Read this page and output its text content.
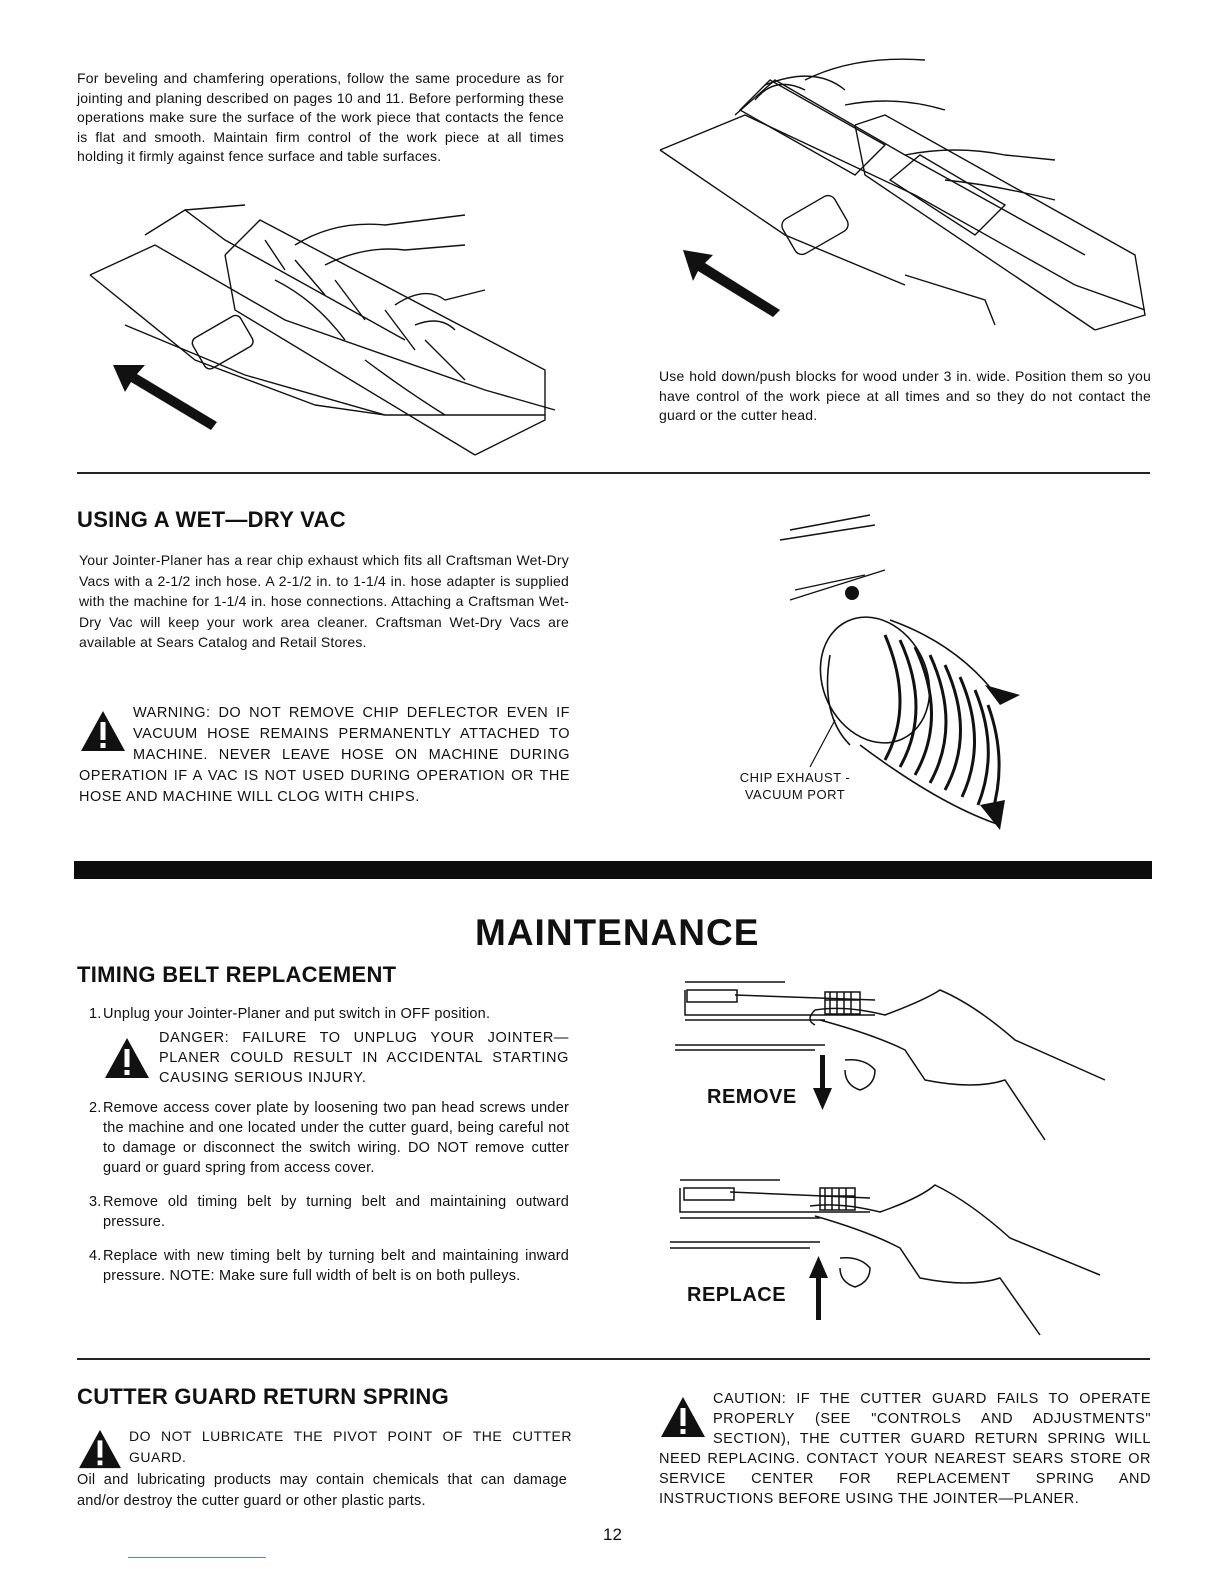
For beveling and chamfering operations, follow the same procedure as for jointing and planing described on pages 10 and 11. Before performing these operations make sure the surface of the work piece that contacts the fence is flat and smooth. Maintain firm control of the work piece at all times holding it firmly against fence surface and table surfaces.
Use hold down/push blocks for wood under 3 in. wide. Position them so you have control of the work piece at all times and so they do not contact the guard or the cutter head.
USING A WET—DRY VAC
Your Jointer-Planer has a rear chip exhaust which fits all Craftsman Wet-Dry Vacs with a 2-1/2 inch hose. A 2-1/2 in. to 1-1/4 in. hose adapter is supplied with the machine for 1-1/4 in. hose connections. Attaching a Craftsman Wet-Dry Vac will keep your work area cleaner. Craftsman Wet-Dry Vacs are available at Sears Catalog and Retail Stores.
WARNING: DO NOT REMOVE CHIP DEFLECTOR EVEN IF VACUUM HOSE REMAINS PERMANENTLY ATTACHED TO MACHINE. NEVER LEAVE HOSE ON MACHINE DURING OPERATION IF A VAC IS NOT USED DURING OPERATION OR THE HOSE AND MACHINE WILL CLOG WITH CHIPS.
CHIP EXHAUST -
VACUUM PORT
MAINTENANCE
TIMING BELT REPLACEMENT
1. Unplug your Jointer-Planer and put switch in OFF position.
DANGER: FAILURE TO UNPLUG YOUR JOINTER—PLANER COULD RESULT IN ACCIDENTAL STARTING CAUSING SERIOUS INJURY.
2. Remove access cover plate by loosening two pan head screws under the machine and one located under the cutter guard, being careful not to damage or disconnect the switch wiring. DO NOT remove cutter guard or guard spring from access cover.
3. Remove old timing belt by turning belt and maintaining outward pressure.
4. Replace with new timing belt by turning belt and maintaining inward pressure. NOTE: Make sure full width of belt is on both pulleys.
REMOVE
REPLACE
CUTTER GUARD RETURN SPRING
DO NOT LUBRICATE THE PIVOT POINT OF THE CUTTER GUARD.
Oil and lubricating products may contain chemicals that can damage and/or destroy the cutter guard or other plastic parts.
CAUTION: IF THE CUTTER GUARD FAILS TO OPERATE PROPERLY (SEE "CONTROLS AND ADJUSTMENTS" SECTION), THE CUTTER GUARD RETURN SPRING WILL NEED REPLACING. CONTACT YOUR NEAREST SEARS STORE OR SERVICE CENTER FOR REPLACEMENT SPRING AND INSTRUCTIONS BEFORE USING THE JOINTER—PLANER.
12
